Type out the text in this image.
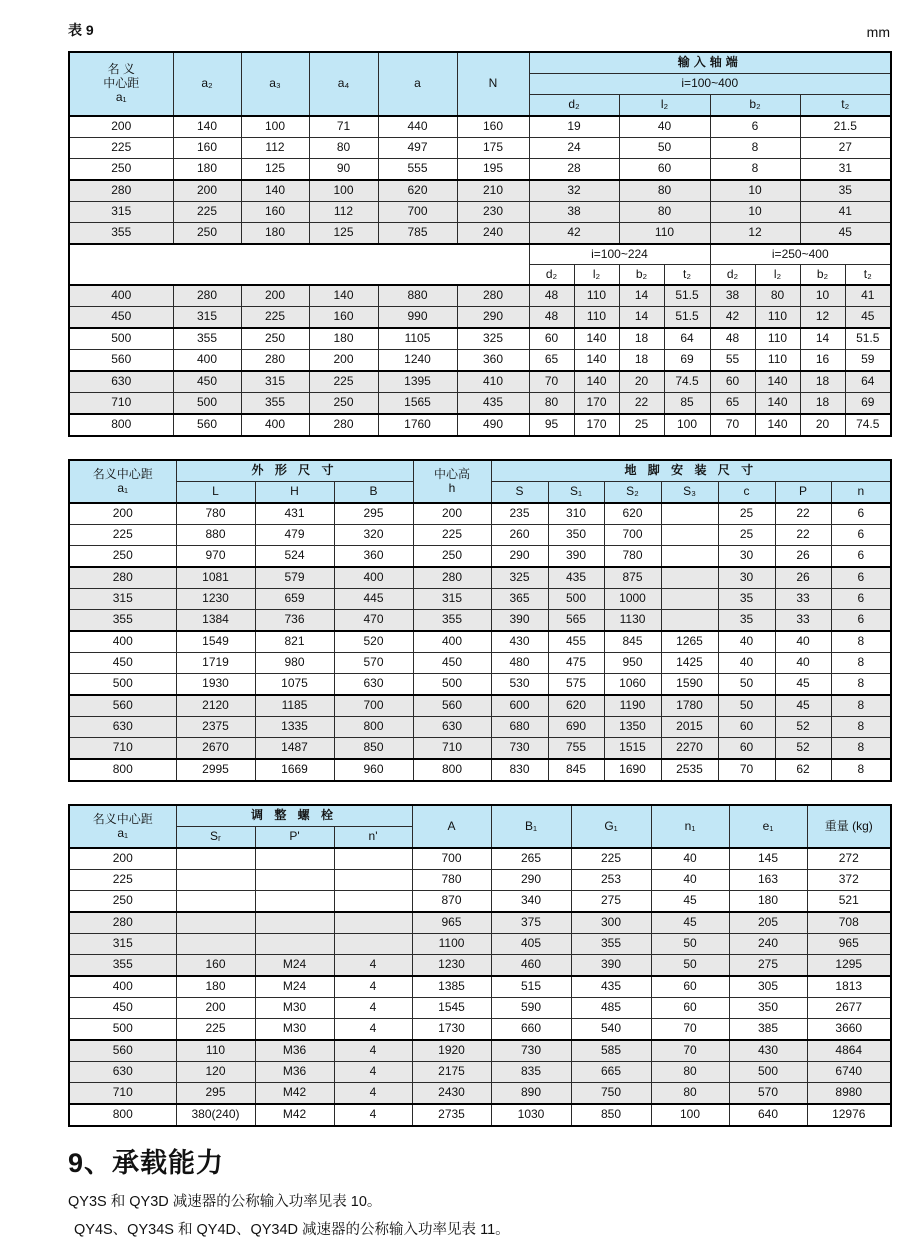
表 9	mm
名 义
中心距
a₁	a₂	a₃	a₄	a	N	输入轴端							
						i=100~400							
						d₂		l₂		b₂		t₂	
200	140	100	71	440	160	19		40		6		21.5	
225	160	112	80	497	175	24		50		8		27	
250	180	125	90	555	195	28		60		8		31	
280	200	140	100	620	210	32		80		10		35	
315	225	160	112	700	230	38		80		10		41	
355	250	180	125	785	240	42		110		12		45	
						i=100~224				i=250~400			
						d₂	l₂	b₂	t₂	d₂	l₂	b₂	t₂
400	280	200	140	880	280	48	110	14	51.5	38	80	10	41
450	315	225	160	990	290	48	110	14	51.5	42	110	12	45
500	355	250	180	1105	325	60	140	18	64	48	110	14	51.5
560	400	280	200	1240	360	65	140	18	69	55	110	16	59
630	450	315	225	1395	410	70	140	20	74.5	60	140	18	64
710	500	355	250	1565	435	80	170	22	85	65	140	18	69
800	560	400	280	1760	490	95	170	25	100	70	140	20	74.5
名义中心距
a₁	外 形 尺 寸			中心高
h	地 脚 安 装 尺 寸						
	L	H	B		S	S₁	S₂	S₃	c	P	n
200	780	431	295	200	235	310	620		25	22	6
225	880	479	320	225	260	350	700		25	22	6
250	970	524	360	250	290	390	780		30	26	6
280	1081	579	400	280	325	435	875		30	26	6
315	1230	659	445	315	365	500	1000		35	33	6
355	1384	736	470	355	390	565	1130		35	33	6
400	1549	821	520	400	430	455	845	1265	40	40	8
450	1719	980	570	450	480	475	950	1425	40	40	8
500	1930	1075	630	500	530	575	1060	1590	50	45	8
560	2120	1185	700	560	600	620	1190	1780	50	45	8
630	2375	1335	800	630	680	690	1350	2015	60	52	8
710	2670	1487	850	710	730	755	1515	2270	60	52	8
800	2995	1669	960	800	830	845	1690	2535	70	62	8
名义中心距
a₁	调 整 螺 栓			A	B₁	G₁	n₁	e₁	重量 (kg)
	Sᵣ	P'	n'						
200				700	265	225	40	145	272
225				780	290	253	40	163	372
250				870	340	275	45	180	521
280				965	375	300	45	205	708
315				1100	405	355	50	240	965
355	160	M24	4	1230	460	390	50	275	1295
400	180	M24	4	1385	515	435	60	305	1813
450	200	M30	4	1545	590	485	60	350	2677
500	225	M30	4	1730	660	540	70	385	3660
560	110	M36	4	1920	730	585	70	430	4864
630	120	M36	4	2175	835	665	80	500	6740
710	295	M42	4	2430	890	750	80	570	8980
800	380(240)	M42	4	2735	1030	850	100	640	12976
9、承载能力

QY3S 和 QY3D 减速器的公称输入功率见表 10。

QY4S、QY34S 和 QY4D、QY34D 减速器的公称输入功率见表 11。
